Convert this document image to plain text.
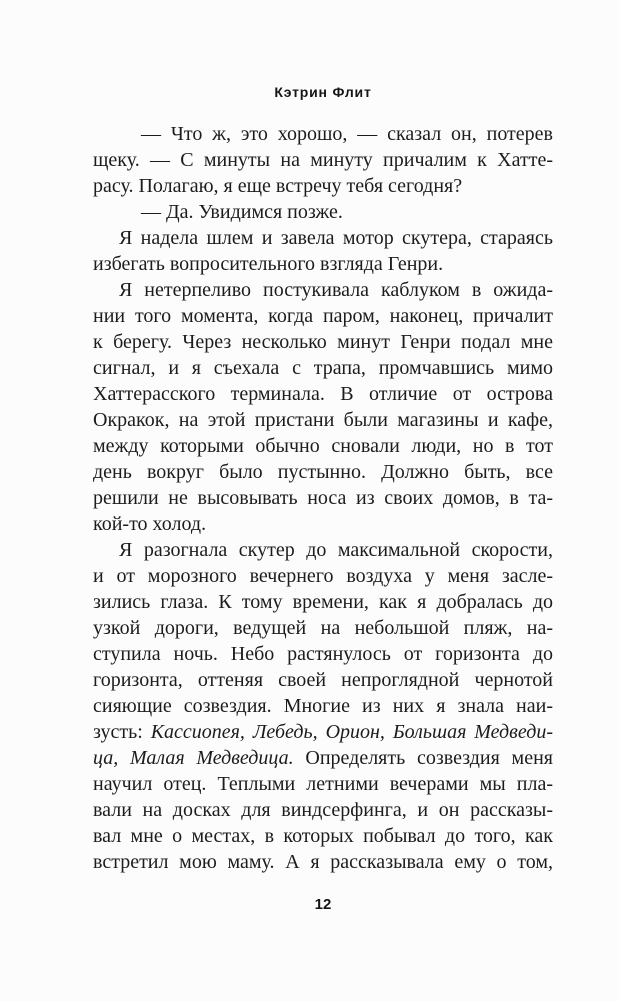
Кэтрин Флит
— Что ж, это хорошо, — сказал он, потерев
щеку. — С минуты на минуту причалим к Хатте-
расу. Полагаю, я еще встречу тебя сегодня?
— Да. Увидимся позже.
Я надела шлем и завела мотор скутера, стараясь
избегать вопросительного взгляда Генри.
Я нетерпеливо постукивала каблуком в ожида-
нии того момента, когда паром, наконец, причалит
к берегу. Через несколько минут Генри подал мне
сигнал, и я съехала с трапа, промчавшись мимо
Хаттерасского терминала. В отличие от острова
Окракок, на этой пристани были магазины и кафе,
между которыми обычно сновали люди, но в тот
день вокруг было пустынно. Должно быть, все
решили не высовывать носа из своих домов, в та-
кой-то холод.
Я разогнала скутер до максимальной скорости,
и от морозного вечернего воздуха у меня засле-
зились глаза. К тому времени, как я добралась до
узкой дороги, ведущей на небольшой пляж, на-
ступила ночь. Небо растянулось от горизонта до
горизонта, оттеняя своей непроглядной чернотой
сияющие созвездия. Многие из них я знала наи-
зусть: Кассиопея, Лебедь, Орион, Большая Медведи-
ца, Малая Медведица. Определять созвездия меня
научил отец. Теплыми летними вечерами мы пла-
вали на досках для виндсерфинга, и он рассказы-
вал мне о местах, в которых побывал до того, как
встретил мою маму. А я рассказывала ему о том,
12
